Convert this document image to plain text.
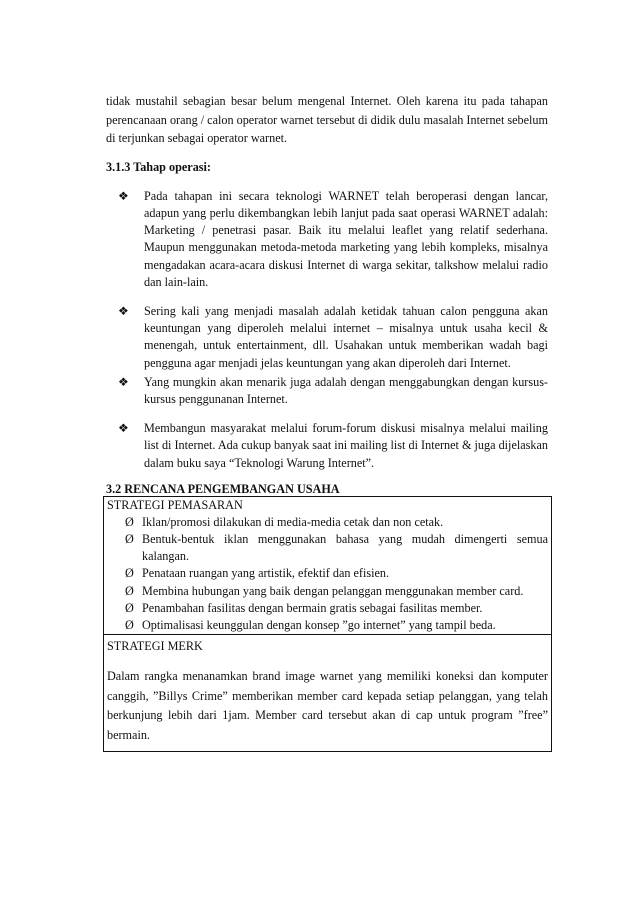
tidak mustahil sebagian besar belum mengenal Internet. Oleh karena itu pada tahapan perencanaan orang / calon operator warnet tersebut di didik dulu masalah Internet sebelum di terjunkan sebagai operator warnet.

3.1.3 Tahap operasi:

❖ Pada tahapan ini secara teknologi WARNET telah beroperasi dengan lancar, adapun yang perlu dikembangkan lebih lanjut pada saat operasi WARNET adalah: Marketing / penetrasi pasar. Baik itu melalui leaflet yang relatif sederhana. Maupun menggunakan metoda-metoda marketing yang lebih kompleks, misalnya mengadakan acara-acara diskusi Internet di warga sekitar, talkshow melalui radio dan lain-lain.

❖ Sering kali yang menjadi masalah adalah ketidak tahuan calon pengguna akan keuntungan yang diperoleh melalui internet – misalnya untuk usaha kecil & menengah, untuk entertainment, dll. Usahakan untuk memberikan wadah bagi pengguna agar menjadi jelas keuntungan yang akan diperoleh dari Internet.

❖ Yang mungkin akan menarik juga adalah dengan menggabungkan dengan kursus-kursus penggunanan Internet.

❖ Membangun masyarakat melalui forum-forum diskusi misalnya melalui mailing list di Internet. Ada cukup banyak saat ini mailing list di Internet & juga dijelaskan dalam buku saya “Teknologi Warung Internet”.

3.2 RENCANA PENGEMBANGAN USAHA

STRATEGI PEMASARAN
Ø Iklan/promosi dilakukan di media-media cetak dan non cetak.
Ø Bentuk-bentuk iklan menggunakan bahasa yang mudah dimengerti semua kalangan.
Ø Penataan ruangan yang artistik, efektif dan efisien.
Ø Membina hubungan yang baik dengan pelanggan menggunakan member card.
Ø Penambahan fasilitas dengan bermain gratis sebagai fasilitas member.
Ø Optimalisasi keunggulan dengan konsep ”go internet” yang tampil beda.

STRATEGI MERK
Dalam rangka menanamkan brand image warnet yang memiliki koneksi dan komputer canggih, ”Billys Crime” memberikan member card kepada setiap pelanggan, yang telah berkunjung lebih dari 1jam. Member card tersebut akan di cap untuk program ”free” bermain.
